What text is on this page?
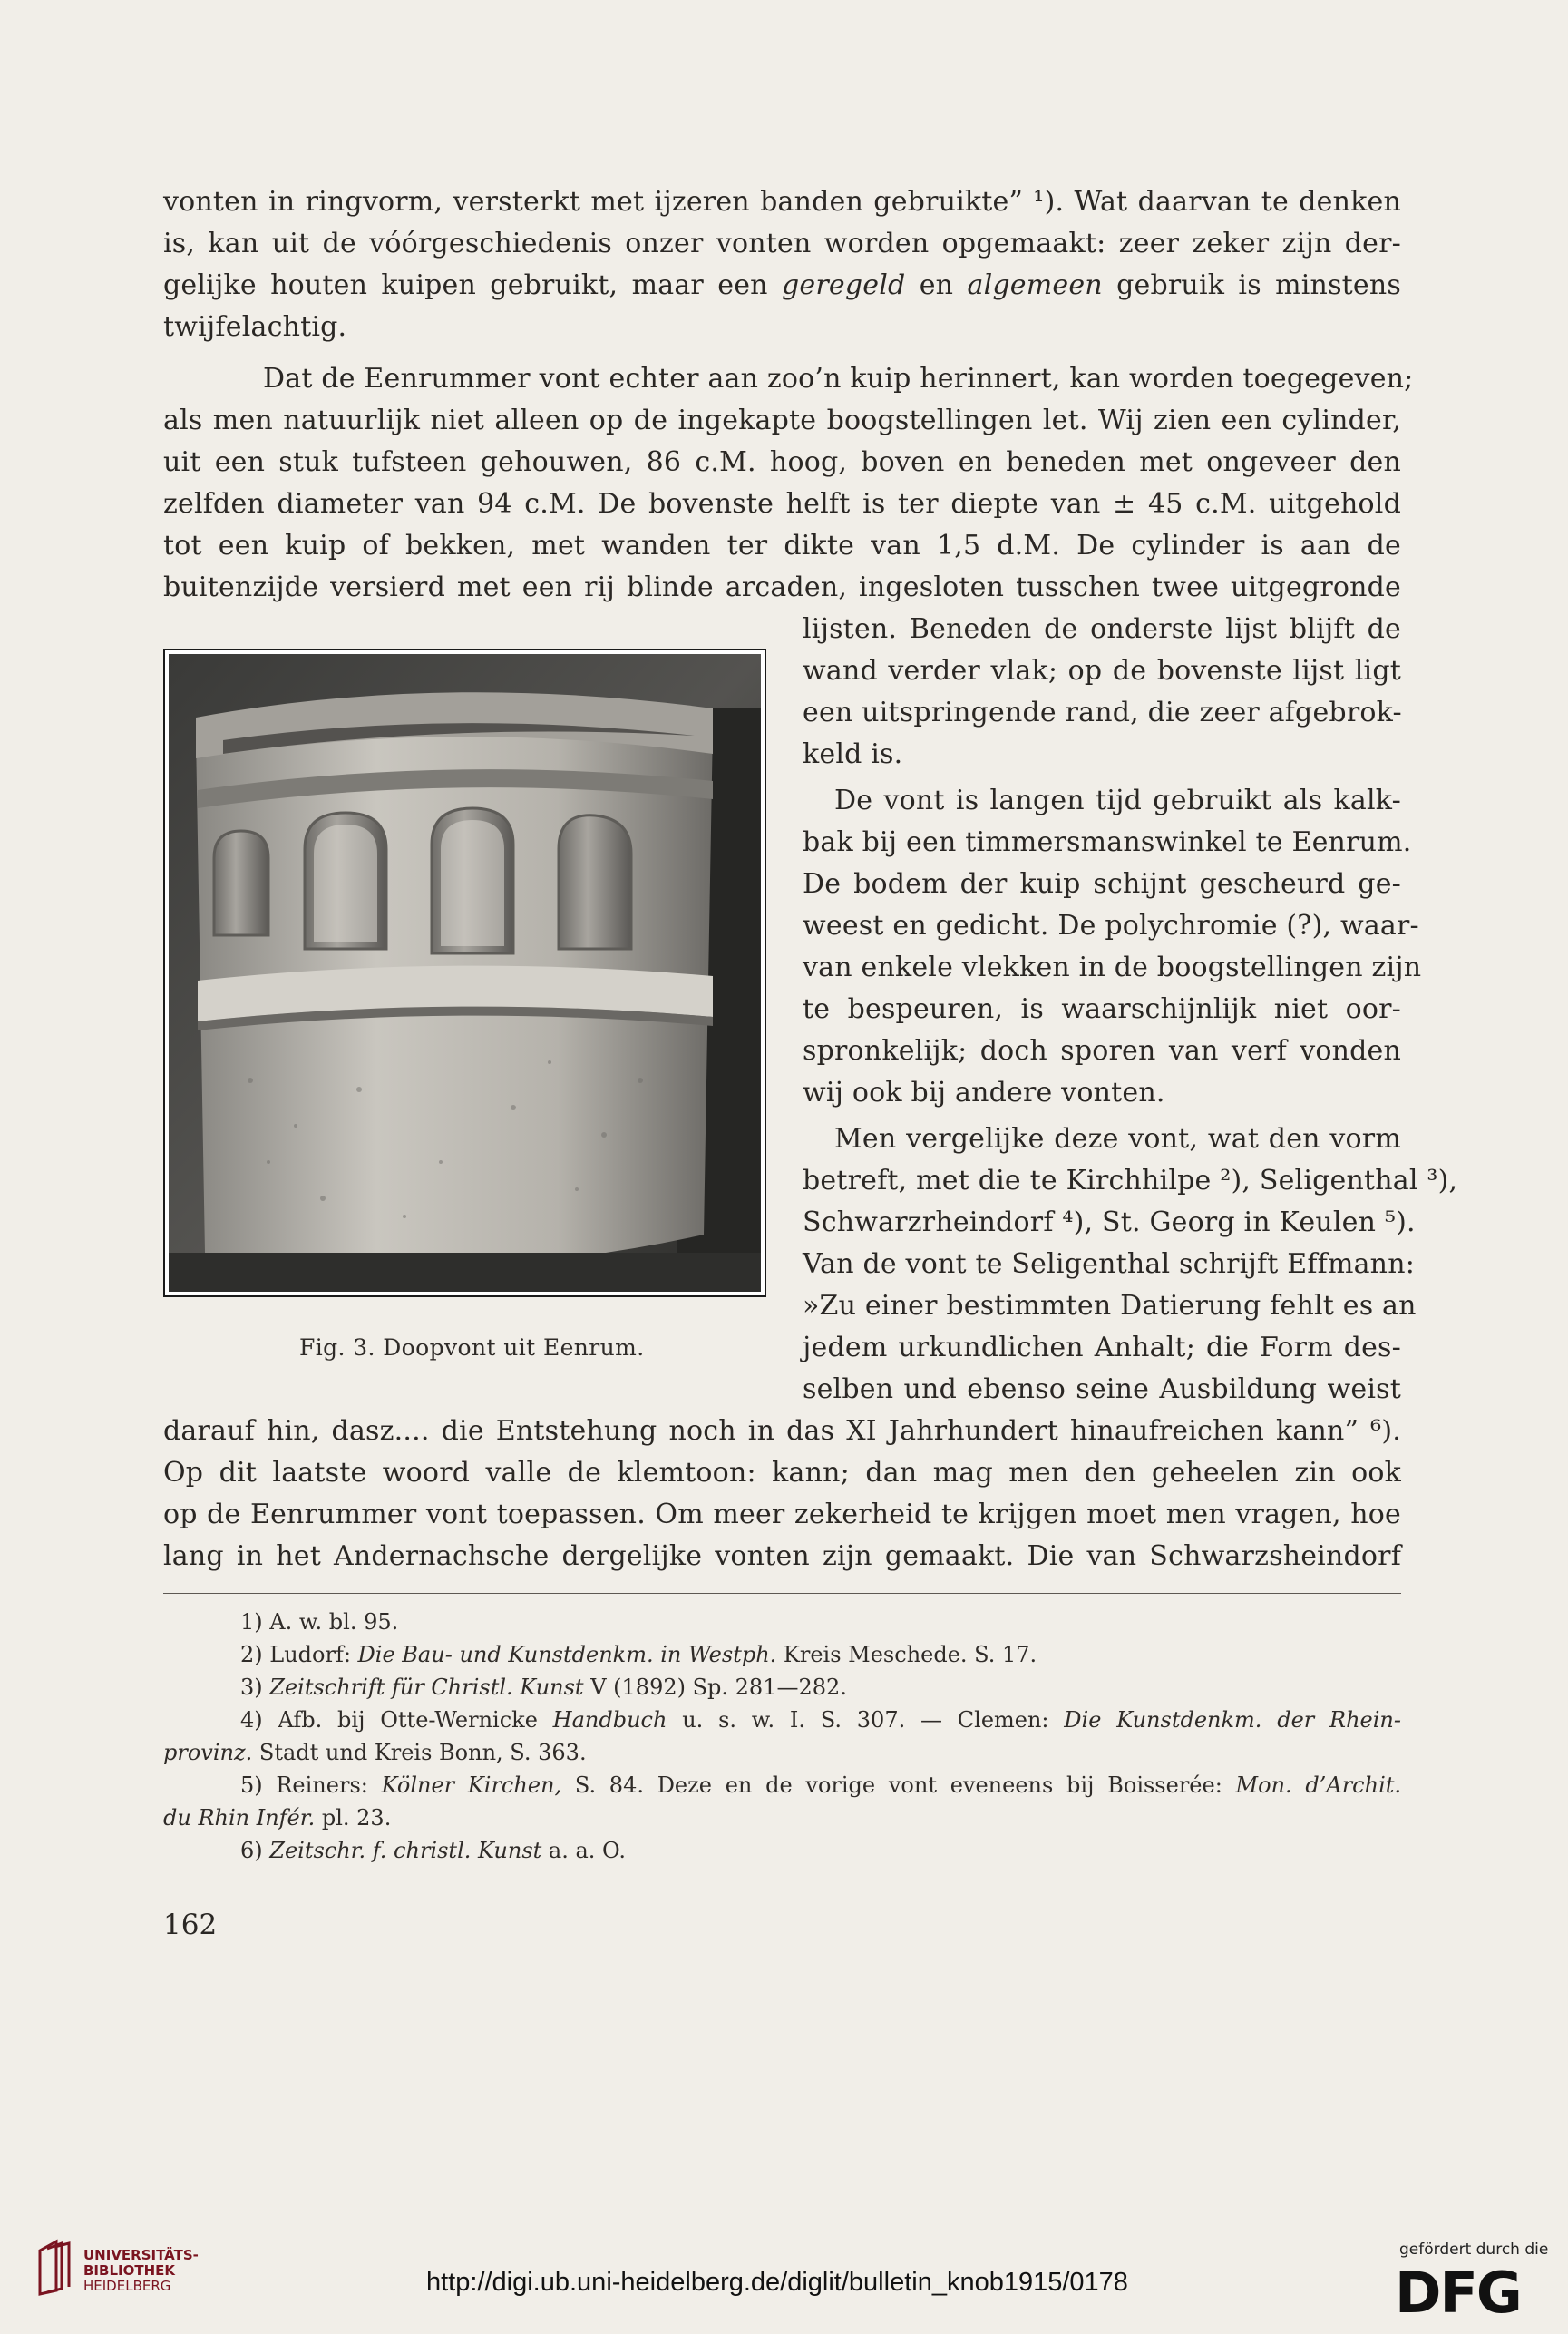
vonten in ringvorm, versterkt met ijzeren banden gebruikte” ¹). Wat daarvan te denken
is, kan uit de vóórgeschiedenis onzer vonten worden opgemaakt: zeer zeker zijn der-
gelijke houten kuipen gebruikt, maar een geregeld en algemeen gebruik is minstens
twijfelachtig.
Dat de Eenrummer vont echter aan zoo’n kuip herinnert, kan worden toegegeven;
als men natuurlijk niet alleen op de ingekapte boogstellingen let. Wij zien een cylinder,
uit een stuk tufsteen gehouwen, 86 c.M. hoog, boven en beneden met ongeveer den
zelfden diameter van 94 c.M. De bovenste helft is ter diepte van ± 45 c.M. uitgehold
tot een kuip of bekken, met wanden ter dikte van 1,5 d.M. De cylinder is aan de
buitenzijde versierd met een rij blinde arcaden, ingesloten tusschen twee uitgegronde
lijsten. Beneden de onderste lijst blijft de
wand verder vlak; op de bovenste lijst ligt
een uitspringende rand, die zeer afgebrok-
keld is.
De vont is langen tijd gebruikt als kalk-
bak bij een timmersmanswinkel te Eenrum.
De bodem der kuip schijnt gescheurd ge-
weest en gedicht. De polychromie (?), waar-
van enkele vlekken in de boogstellingen zijn
te bespeuren, is waarschijnlijk niet oor-
spronkelijk; doch sporen van verf vonden
wij ook bij andere vonten.
Men vergelijke deze vont, wat den vorm
betreft, met die te Kirchhilpe ²), Seligenthal ³),
Schwarzrheindorf ⁴), St. Georg in Keulen ⁵).
Van de vont te Seligenthal schrijft Effmann:
»Zu einer bestimmten Datierung fehlt es an
jedem urkundlichen Anhalt; die Form des-
selben und ebenso seine Ausbildung weist
darauf hin, dasz.... die Entstehung noch in das XI Jahrhundert hinaufreichen kann” ⁶).
Op dit laatste woord valle de klemtoon: kann; dan mag men den geheelen zin ook
op de Eenrummer vont toepassen. Om meer zekerheid te krijgen moet men vragen, hoe
lang in het Andernachsche dergelijke vonten zijn gemaakt. Die van Schwarzsheindorf
Fig. 3. Doopvont uit Eenrum.
1) A. w. bl. 95.
2) Ludorf: Die Bau- und Kunstdenkm. in Westph. Kreis Meschede. S. 17.
3) Zeitschrift für Christl. Kunst V (1892) Sp. 281—282.
4) Afb. bij Otte-Wernicke Handbuch u. s. w. I. S. 307. — Clemen: Die Kunstdenkm. der Rhein-
provinz. Stadt und Kreis Bonn, S. 363.
5) Reiners: Kölner Kirchen, S. 84. Deze en de vorige vont eveneens bij Boisserée: Mon. d’Archit.
du Rhin Infér. pl. 23.
6) Zeitschr. f. christl. Kunst a. a. O.
162
UNIVERSITÄTS-
BIBLIOTHEK
HEIDELBERG	http://digi.ub.uni-heidelberg.de/diglit/bulletin_knob1915/0178
gefördert durch die
DFG
